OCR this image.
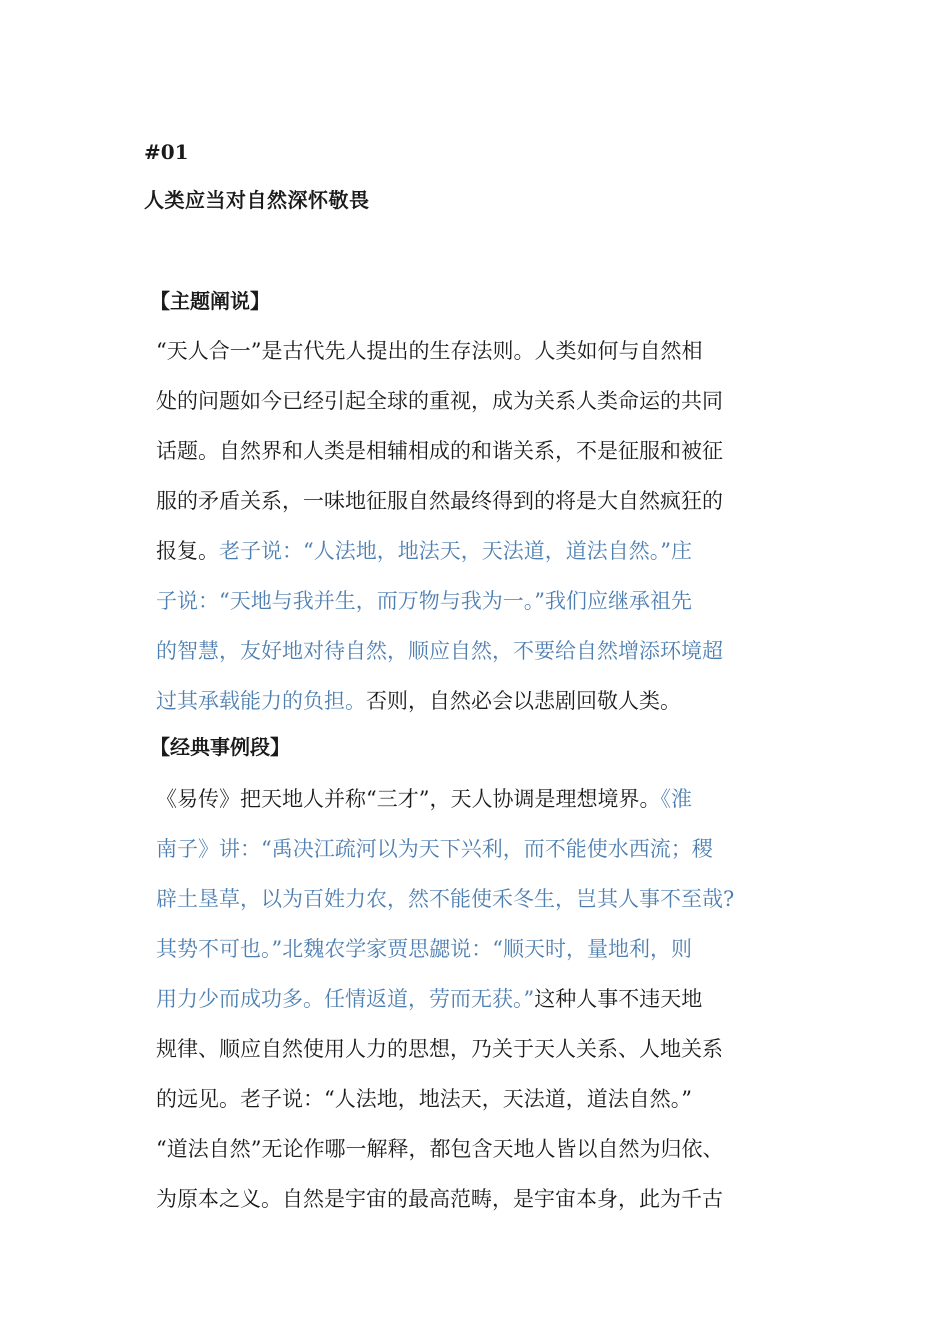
#01
人类应当对自然深怀敬畏
【主题阐说】
“天人合一”是古代先人提出的生存法则。人类如何与自然相
处的问题如今已经引起全球的重视，成为关系人类命运的共同
话题。自然界和人类是相辅相成的和谐关系，不是征服和被征
服的矛盾关系，一味地征服自然最终得到的将是大自然疯狂的
报复。老子说：“人法地，地法天，天法道，道法自然。”庄
子说：“天地与我并生，而万物与我为一。”我们应继承祖先
的智慧，友好地对待自然，顺应自然，不要给自然增添环境超
过其承载能力的负担。否则，自然必会以悲剧回敬人类。
【经典事例段】
《易传》把天地人并称“三才”，天人协调是理想境界。《淮
南子》讲：“禹决江疏河以为天下兴利，而不能使水西流；稷
辟土垦草，以为百姓力农，然不能使禾冬生，岂其人事不至哉?
其势不可也。”北魏农学家贾思勰说：“顺天时，量地利，则
用力少而成功多。任情返道，劳而无获。”这种人事不违天地
规律、顺应自然使用人力的思想，乃关于天人关系、人地关系
的远见。老子说：“人法地，地法天，天法道，道法自然。”
“道法自然”无论作哪一解释，都包含天地人皆以自然为归依、
为原本之义。自然是宇宙的最高范畴，是宇宙本身，此为千古
